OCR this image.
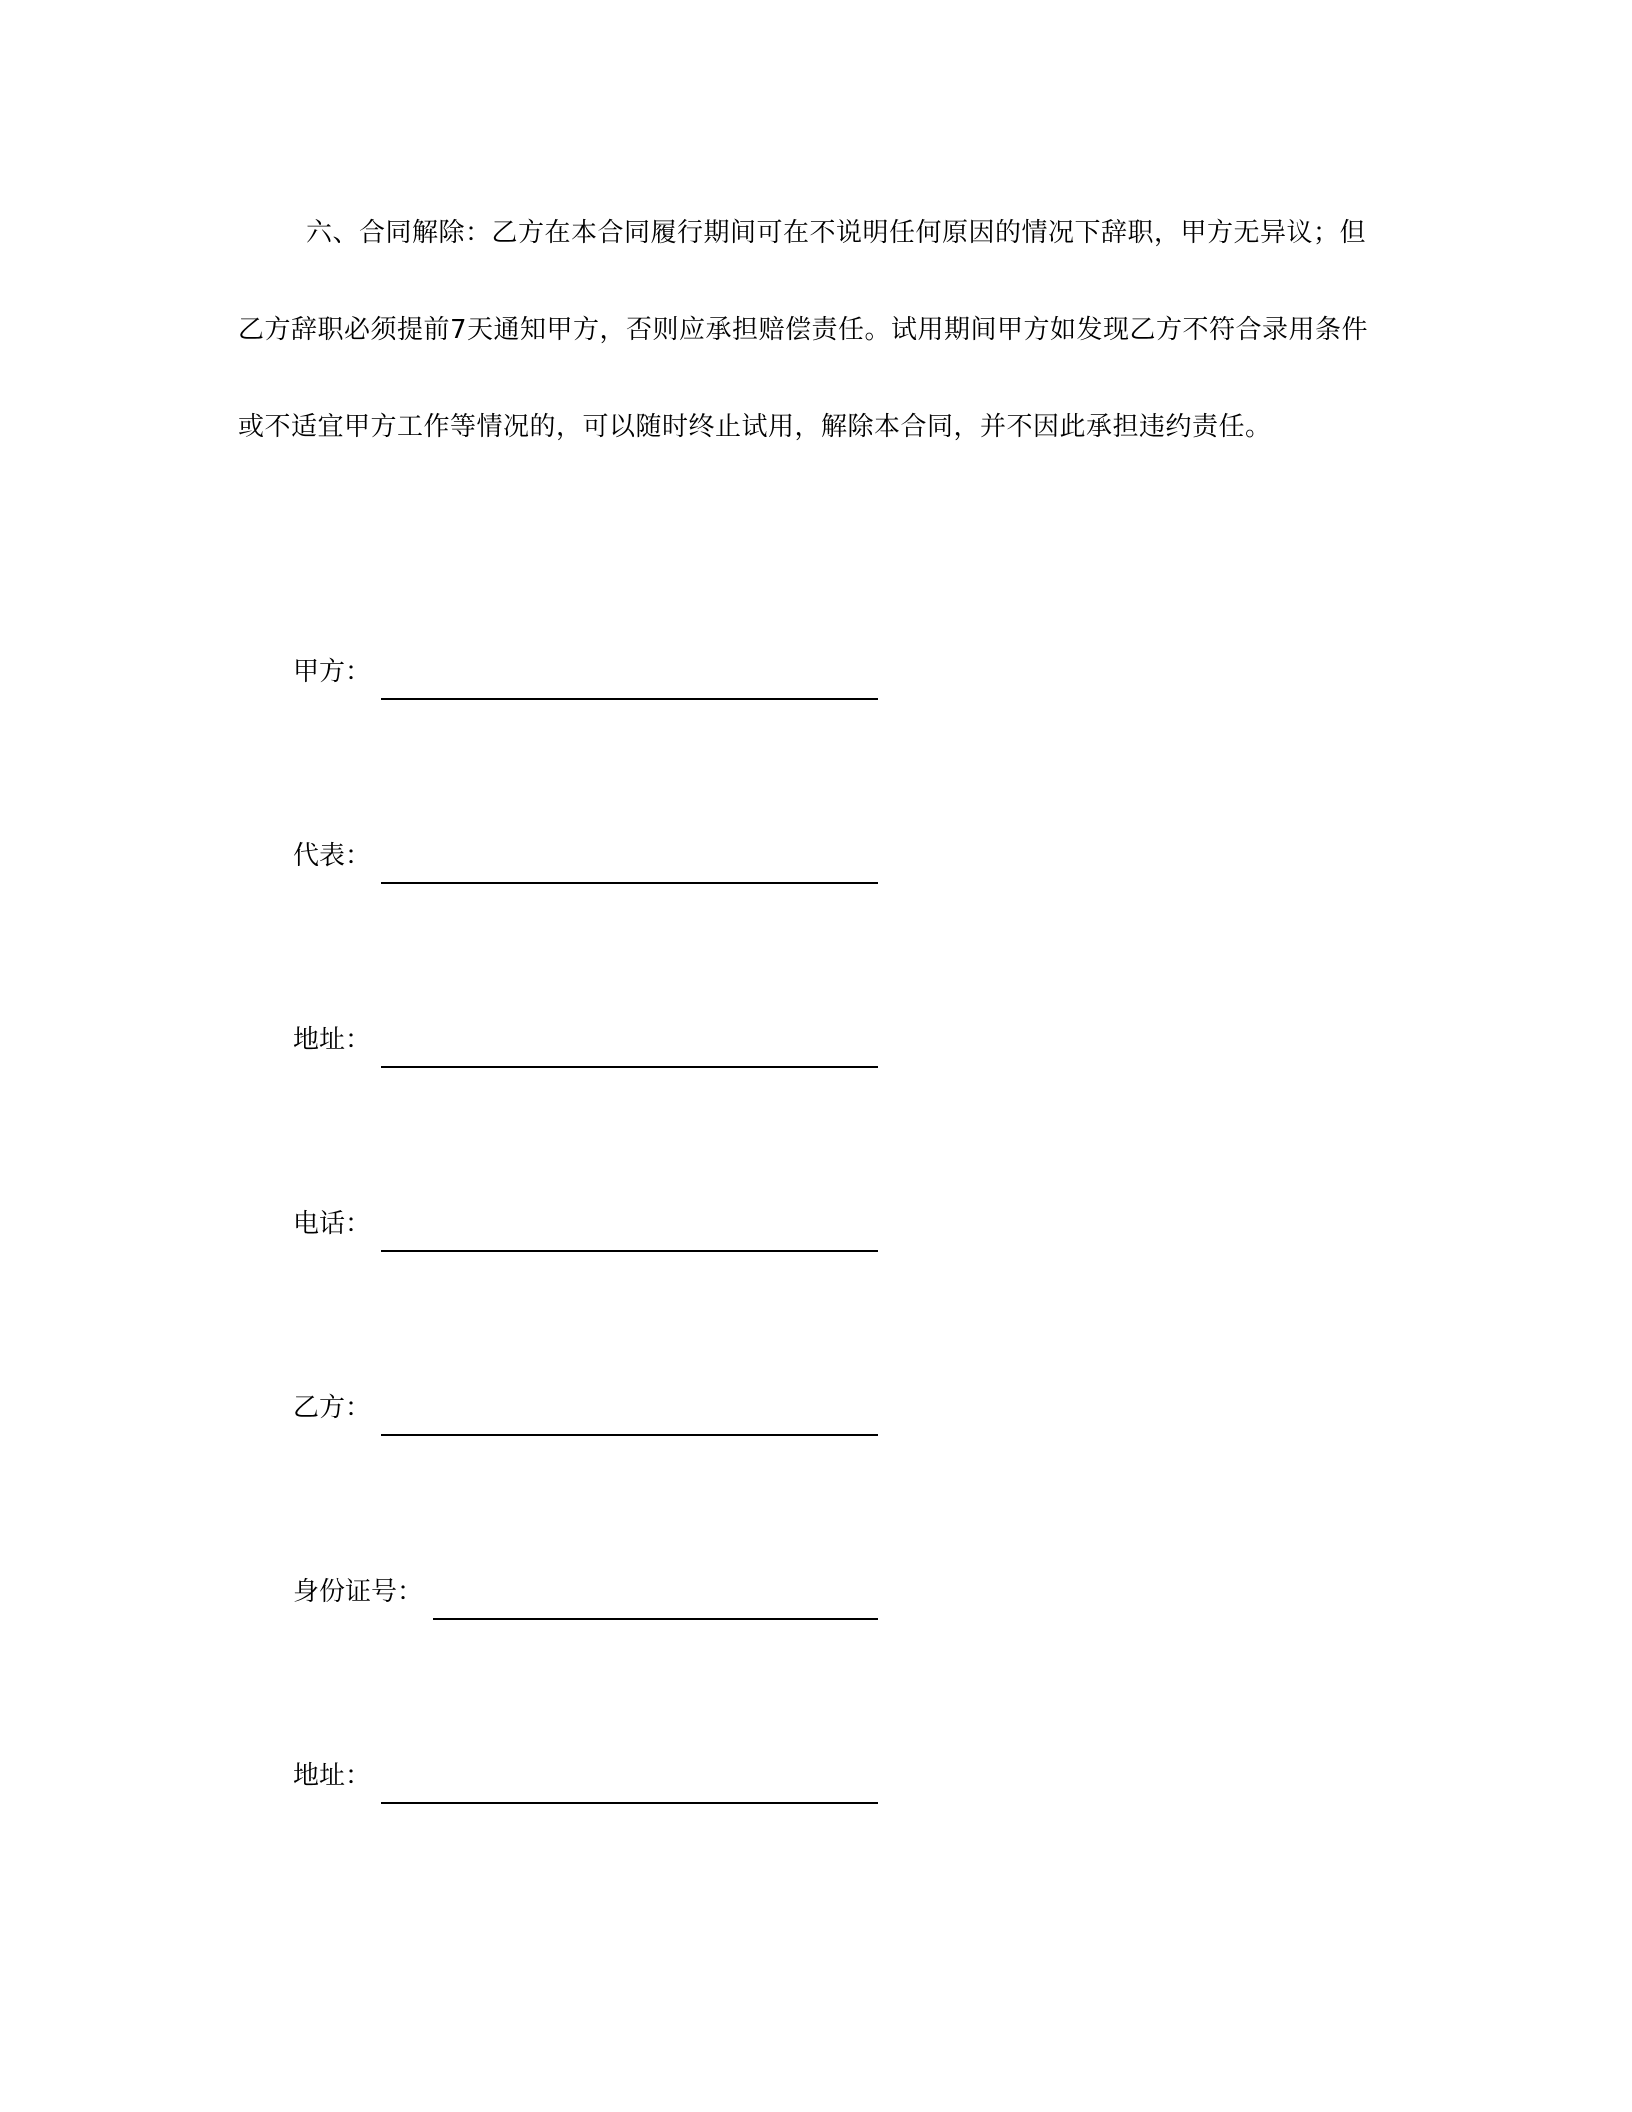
六、合同解除：乙方在本合同履行期间可在不说明任何原因的情况下辞职，甲方无异议；但
乙方辞职必须提前7天通知甲方，否则应承担赔偿责任。试用期间甲方如发现乙方不符合录用条件
或不适宜甲方工作等情况的，可以随时终止试用，解除本合同，并不因此承担违约责任。
甲方：
代表：
地址：
电话：
乙方：
身份证号：
地址：
